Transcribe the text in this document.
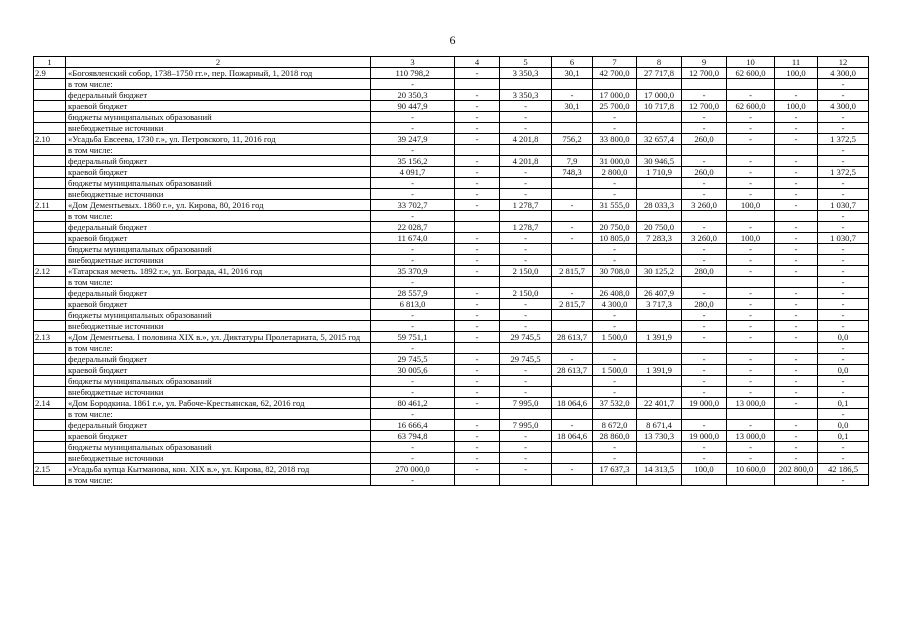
6
1	2	3	4	5	6	7	8	9	10	11	12
2.9	«Богоявленский собор, 1738–1750 гг.», пер. Пожарный, 1, 2018 год	110 798,2	-	3 350,3	30,1	42 700,0	27 717,8	12 700,0	62 600,0	100,0	4 300,0
	в том числе:	-									-
	федеральный бюджет	20 350,3	-	3 350,3	-	17 000,0	17 000,0	-	-	-	-
	краевой бюджет	90 447,9	-	-	30,1	25 700,0	10 717,8	12 700,0	62 600,0	100,0	4 300,0
	бюджеты муниципальных образований	-	-	-		-		-	-	-	-
	внебюджетные источники	-	-	-		-		-	-	-	-
2.10	«Усадьба Евсеева, 1730 г.», ул. Петровского, 11, 2016 год	39 247,9	-	4 201,8	756,2	33 800,0	32 657,4	260,0	-	-	1 372,5
	в том числе:	-									-
	федеральный бюджет	35 156,2	-	4 201,8	7,9	31 000,0	30 946,5	-	-	-	-
	краевой бюджет	4 091,7	-	-	748,3	2 800,0	1 710,9	260,0	-	-	1 372,5
	бюджеты муниципальных образований	-	-	-		-		-	-	-	-
	внебюджетные источники	-	-	-		-		-	-	-	-
2.11	«Дом Дементьевых. 1860 г.», ул. Кирова, 80, 2016 год	33 702,7	-	1 278,7	-	31 555,0	28 033,3	3 260,0	100,0	-	1 030,7
	в том числе:	-									-
	федеральный бюджет	22 028,7		1 278,7	-	20 750,0	20 750,0	-	-	-	-
	краевой бюджет	11 674,0	-	-	-	10 805,0	7 283,3	3 260,0	100,0	-	1 030,7
	бюджеты муниципальных образований	-	-	-		-		-	-	-	-
	внебюджетные источники	-	-	-		-		-	-	-	-
2.12	«Татарская мечеть. 1892 г.», ул. Бограда, 41, 2016 год	35 370,9	-	2 150,0	2 815,7	30 708,0	30 125,2	280,0	-	-	-
	в том числе:	-									-
	федеральный бюджет	28 557,9	-	2 150,0	-	26 408,0	26 407,9	-	-	-	-
	краевой бюджет	6 813,0	-	-	2 815,7	4 300,0	3 717,3	280,0	-	-	-
	бюджеты муниципальных образований	-	-	-		-		-	-	-	-
	внебюджетные источники	-	-	-		-		-	-	-	-
2.13	«Дом Дементьева. I половина XIX в.», ул. Диктатуры Пролетариата, 5, 2015 год	59 751,1	-	29 745,5	28 613,7	1 500,0	1 391,9	-	-	-	0,0
	в том числе:	-									-
	федеральный бюджет	29 745,5	-	29 745,5	-	-		-	-	-	-
	краевой бюджет	30 005,6	-	-	28 613,7	1 500,0	1 391,9	-	-	-	0,0
	бюджеты муниципальных образований	-	-	-		-		-	-	-	-
	внебюджетные источники	-	-	-		-		-	-	-	-
2.14	«Дом Бородкина. 1861 г.», ул. Рабоче-Крестьянская, 62, 2016 год	80 461,2	-	7 995,0	18 064,6	37 532,0	22 401,7	19 000,0	13 000,0	-	0,1
	в том числе:	-									-
	федеральный бюджет	16 666,4	-	7 995,0	-	8 672,0	8 671,4	-	-	-	0,0
	краевой бюджет	63 794,8	-	-	18 064,6	28 860,0	13 730,3	19 000,0	13 000,0	-	0,1
	бюджеты муниципальных образований	-	-	-		-		-	-	-	-
	внебюджетные источники	-	-	-		-		-	-	-	-
2.15	«Усадьба купца Кытманова, кон. XIX в.», ул. Кирова, 82, 2018 год	270 000,0	-	-	-	17 637,3	14 313,5	100,0	10 600,0	202 800,0	42 186,5
	в том числе:	-									-
